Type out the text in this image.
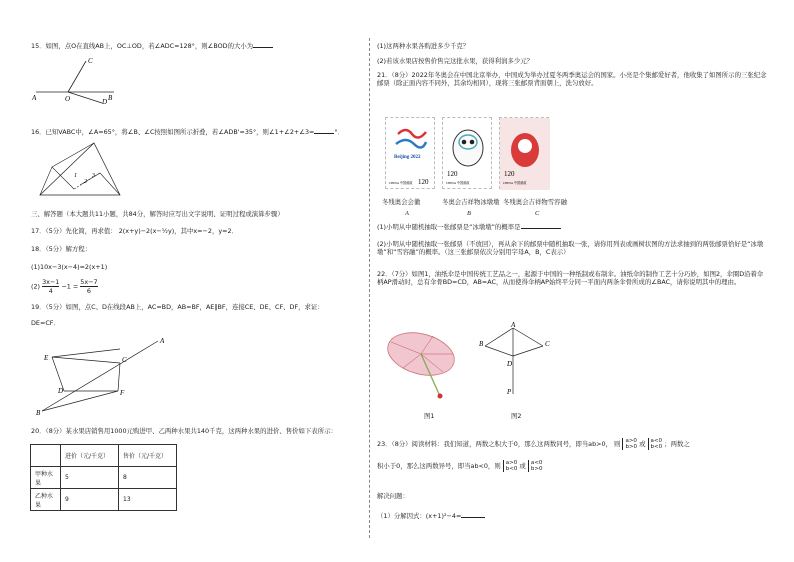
15．如图，点O在直线AB上，OC⊥OD，若∠ADC=128°，则∠BOD的大小为
C
A	O	B
D
16．已知VABC中，∠A=65°，将∠B、∠C按照如图所示折叠，若∠ADB'=35°，则∠1+∠2+∠3=	°．
1
2
3
三、解答题（本大题共11小题，共84分，解答时应写出文字说明、证明过程或演算步骤）
17．（5分）先化简，再求值： 2(x+y)−2(x−½y)，其中x=−2，y=2．
18．（5分）解方程：
(1)10x−3(x−4)=2(x+1)
$(2) \frac{3x-1}{4} -1 = \frac{5x-7}{6}$
19．（5分）如图，点C、D在线段AB上，AC=BD，AB=BF，AE∥BF，连接CE、DE、CF、DF，求证：
DE=CF．
A
E	C
D	F
B
20．（8分）某水果店销售用1000元购进甲、乙两种水果共140千克，这两种水果的进价、售价如下表所示：
	进价（元/千克）	售价（元/千克）
甲种水果	5	8
乙种水果	9	13
(1)这两种水果各购进多少千克？
(2)若该水果店按售价售完这批水果，获得利润多少元？
21．（8分）2022年冬奥会在中国北京举办，中国成为举办过夏冬两季奥运会的国家。小亮是个集邮爱好者，他收集了如图所示的三张纪念邮票（除正面内容不同外，其余均相同），现将三张邮票背面朝上，洗匀放好。
Beijing 2022
CHINA 中国邮政 120	CHINA 中国邮政
120
CHINA 中国邮政
120
冬残奥会会徽	冬奥会吉祥物冰墩墩 冬残奥会吉祥物雪容融
A	B	C
(1)小明从中随机抽取一张邮票是“冰墩墩”的概率是
(2)小明从中随机抽取一张邮票（不放回），再从余下的邮票中随机抽取一张，请你用列表或画树状图的方法求抽到的两张邮票恰好是“冰墩墩”和“雪容融”的概率。（这三张邮票依次分别用字母A，B，C表示）
22．（7分）如图1，油纸伞是中国传统工艺品之一，起源于中国的一种纸制或布制伞。油纸伞的制作工艺十分巧妙，如图2，伞圈D沿着伞柄AP滑动时，总有伞骨BD=CD，AB=AC，从而使得伞柄AP始终平分同一平面内两条伞骨所成的∠BAC，请你说明其中的理由。
A
B	C
D
P
图1	图2
23．（8分）阅读材料：我们知道，两数之积大于0，那么这两数同号，即当ab>0， 则 a>0
b>0 或 a<0
b<0 ；两数之
积小于0，那么这两数异号，即当ab<0，则 a>0
b<0 或 a<0
b>0
解决问题：
（1）分解因式：(x+1)²−4=
